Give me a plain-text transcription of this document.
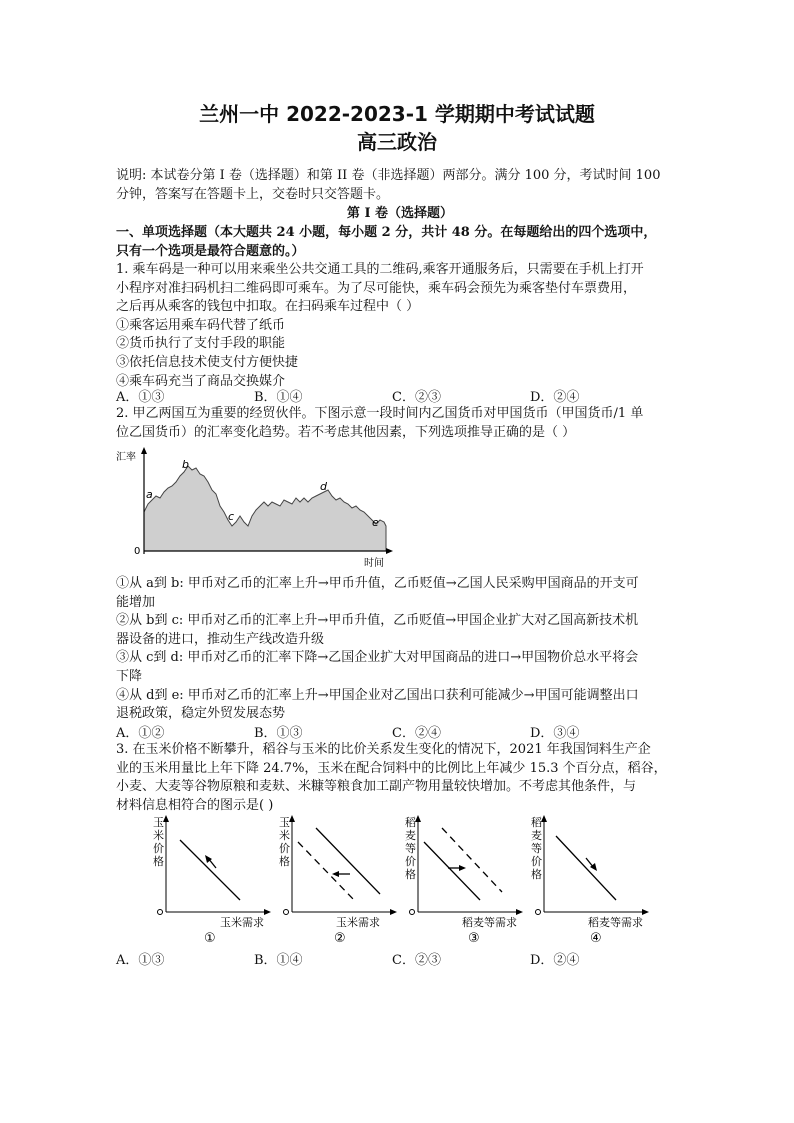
兰州一中 2022-2023-1 学期期中考试试题
高三政治
说明: 本试卷分第 I 卷（选择题）和第 II 卷（非选择题）两部分。满分 100 分，考试时间 100
分钟，答案写在答题卡上，交卷时只交答题卡。
第 I 卷（选择题）
一、单项选择题（本大题共 24 小题，每小题 2 分，共计 48 分。在每题给出的四个选项中，
只有一个选项是最符合题意的。）
1. 乘车码是一种可以用来乘坐公共交通工具的二维码,乘客开通服务后，只需要在手机上打开
小程序对准扫码机扫二维码即可乘车。为了尽可能快，乘车码会预先为乘客垫付车票费用，
之后再从乘客的钱包中扣取。在扫码乘车过程中（ ）
①乘客运用乘车码代替了纸币
②货币执行了支付手段的职能
③依托信息技术使支付方便快捷
④乘车码充当了商品交换媒介
A．①③	B．①④	C．②③	D．②④
2. 甲乙两国互为重要的经贸伙伴。下图示意一段时间内乙国货币对甲国货币（甲国货币/1 单
位乙国货币）的汇率变化趋势。若不考虑其他因素，下列选项推导正确的是（ ）
汇率
时间
0
a
b
c
d
e
①从 a到 b: 甲币对乙币的汇率上升→甲币升值，乙币贬值→乙国人民采购甲国商品的开支可
能增加
②从 b到 c: 甲币对乙币的汇率上升→甲币升值，乙币贬值→甲国企业扩大对乙国高新技术机
器设备的进口，推动生产线改造升级
③从 c到 d: 甲币对乙币的汇率下降→乙国企业扩大对甲国商品的进口→甲国物价总水平将会
下降
④从 d到 e: 甲币对乙币的汇率上升→甲国企业对乙国出口获利可能减少→甲国可能调整出口
退税政策，稳定外贸发展态势
A．①②	B．①③	C．②④	D．③④
3. 在玉米价格不断攀升，稻谷与玉米的比价关系发生变化的情况下，2021 年我国饲料生产企
业的玉米用量比上年下降 24.7%，玉米在配合饲料中的比例比上年减少 15.3 个百分点，稻谷，
小麦、大麦等谷物原粮和麦麸、米糠等粮食加工副产物用量较快增加。不考虑其他条件，与
材料信息相符合的图示是( )
玉米价格
玉米需求
①
玉米价格
玉米需求
②
稻麦等价格
稻麦等需求
③
稻麦等价格
稻麦等需求
④
A．①③	B．①④	C．②③	D．②④
